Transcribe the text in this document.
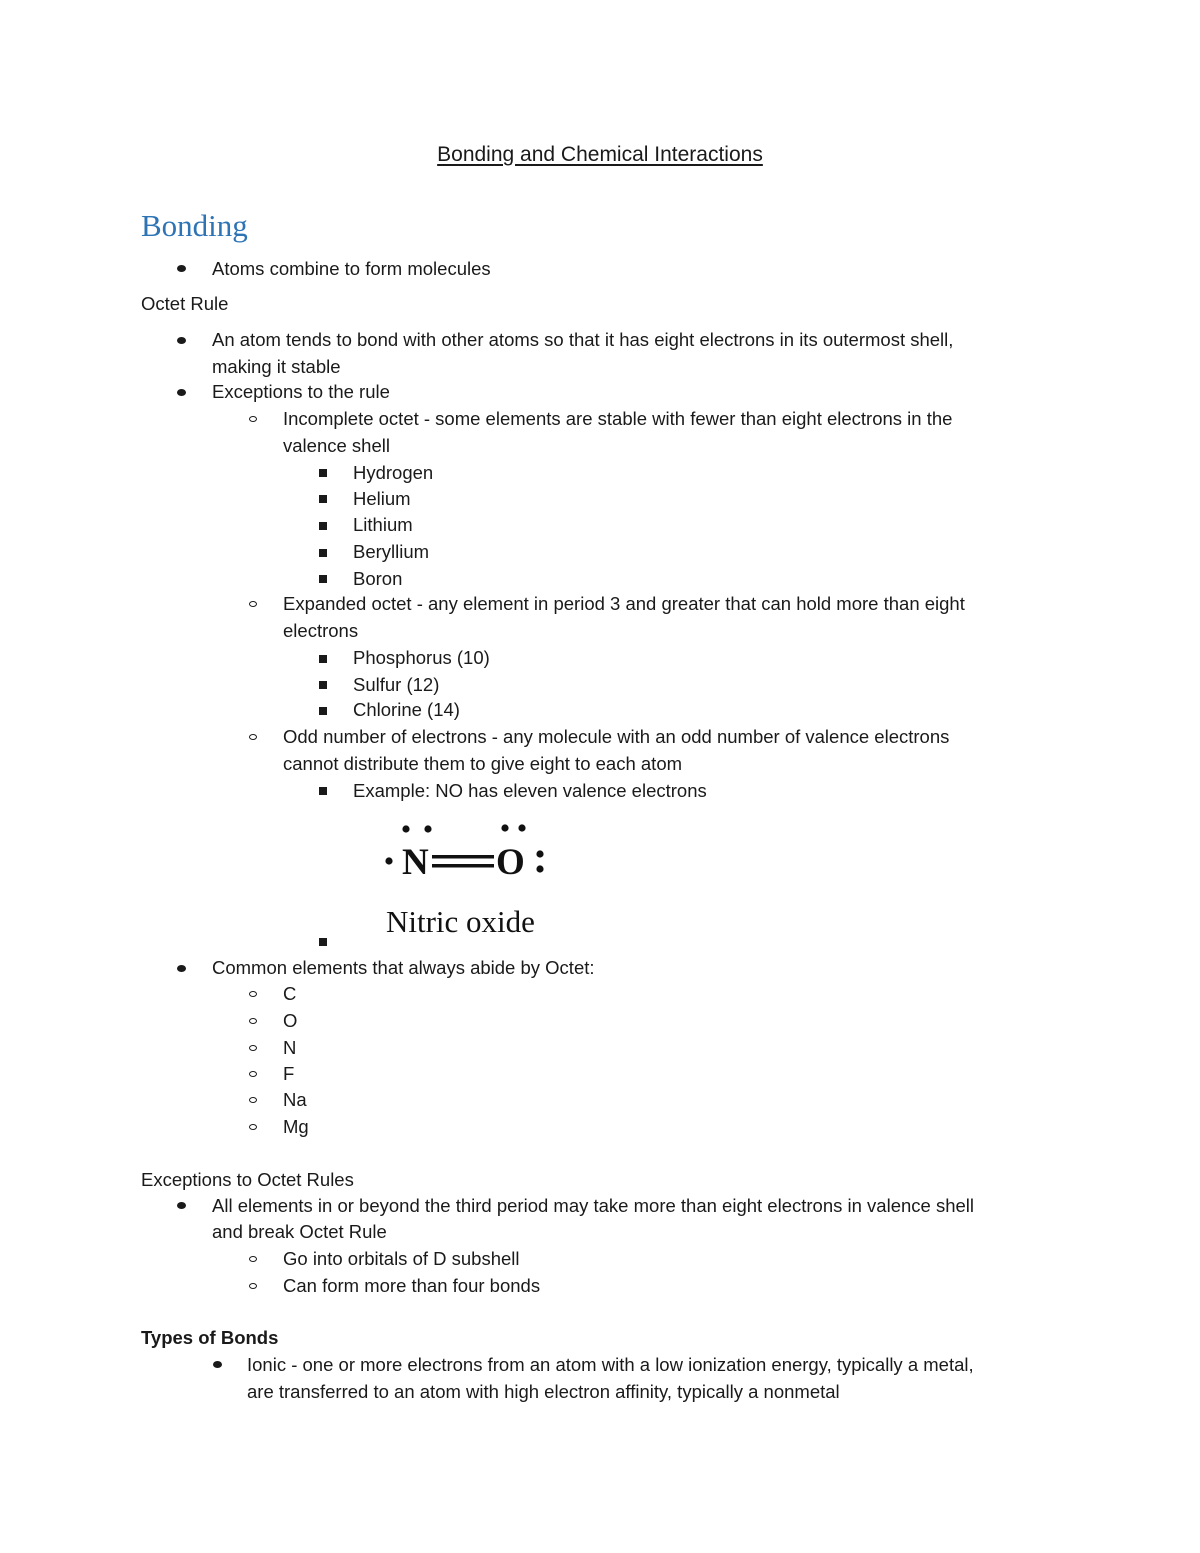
Bonding and Chemical Interactions
Bonding
Atoms combine to form molecules
Octet Rule
An atom tends to bond with other atoms so that it has eight electrons in its outermost shell,
making it stable
Exceptions to the rule
Incomplete octet - some elements are stable with fewer than eight electrons in the
valence shell
Hydrogen
Helium
Lithium
Beryllium
Boron
Expanded octet - any element in period 3 and greater that can hold more than eight
electrons
Phosphorus (10)
Sulfur (12)
Chlorine (14)
Odd number of electrons - any molecule with an odd number of valence electrons
cannot distribute them to give eight to each atom
Example: NO has eleven valence electrons
N O
Nitric oxide
Common elements that always abide by Octet:
C
O
N
F
Na
Mg
Exceptions to Octet Rules
All elements in or beyond the third period may take more than eight electrons in valence shell
and break Octet Rule
Go into orbitals of D subshell
Can form more than four bonds
Types of Bonds
Ionic - one or more electrons from an atom with a low ionization energy, typically a metal,
are transferred to an atom with high electron affinity, typically a nonmetal
